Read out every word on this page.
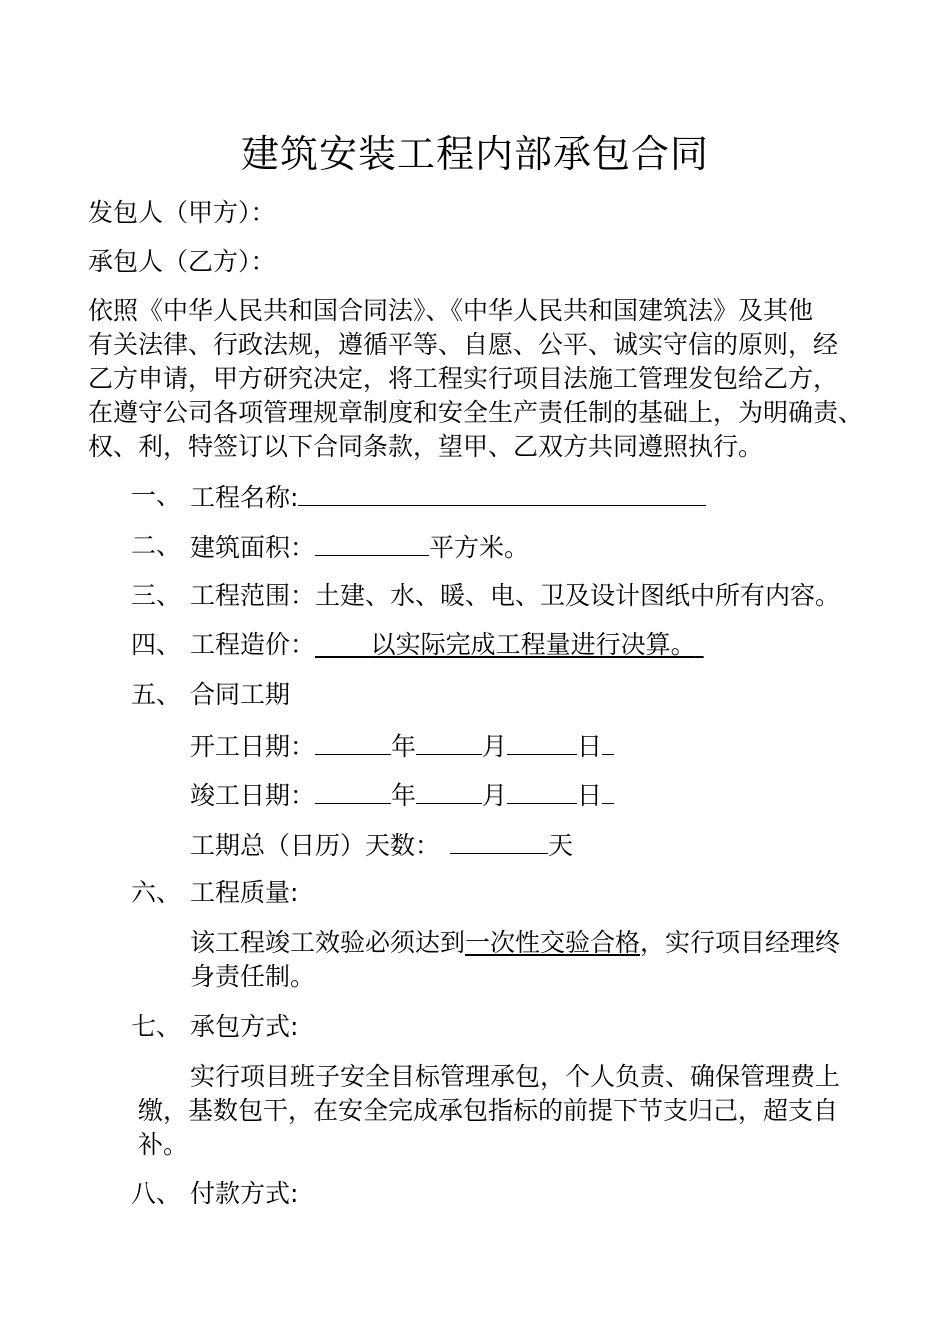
建筑安装工程内部承包合同
发包人（甲方）：
承包人（乙方）：
依照《中华人民共和国合同法》、《中华人民共和国建筑法》及其他
有关法律、行政法规，遵循平等、自愿、公平、诚实守信的原则，经
乙方申请，甲方研究决定，将工程实行项目法施工管理发包给乙方，
在遵守公司各项管理规章制度和安全生产责任制的基础上，为明确责、
权、利，特签订以下合同条款，望甲、乙双方共同遵照执行。
一、 工程名称:
二、 建筑面积：	平方米。
三、 工程范围：土建、水、暖、电、卫及设计图纸中所有内容。
四、 工程造价： 以实际完成工程量进行决算。
五、 合同工期
开工日期：	年	月	日
竣工日期：	年	月	日
工期总（日历）天数：	天
六、 工程质量:
该工程竣工效验必须达到一次性交验合格，实行项目经理终
身责任制。
七、 承包方式:
实行项目班子安全目标管理承包，个人负责、确保管理费上
缴，基数包干，在安全完成承包指标的前提下节支归己，超支自
补。
八、 付款方式:
